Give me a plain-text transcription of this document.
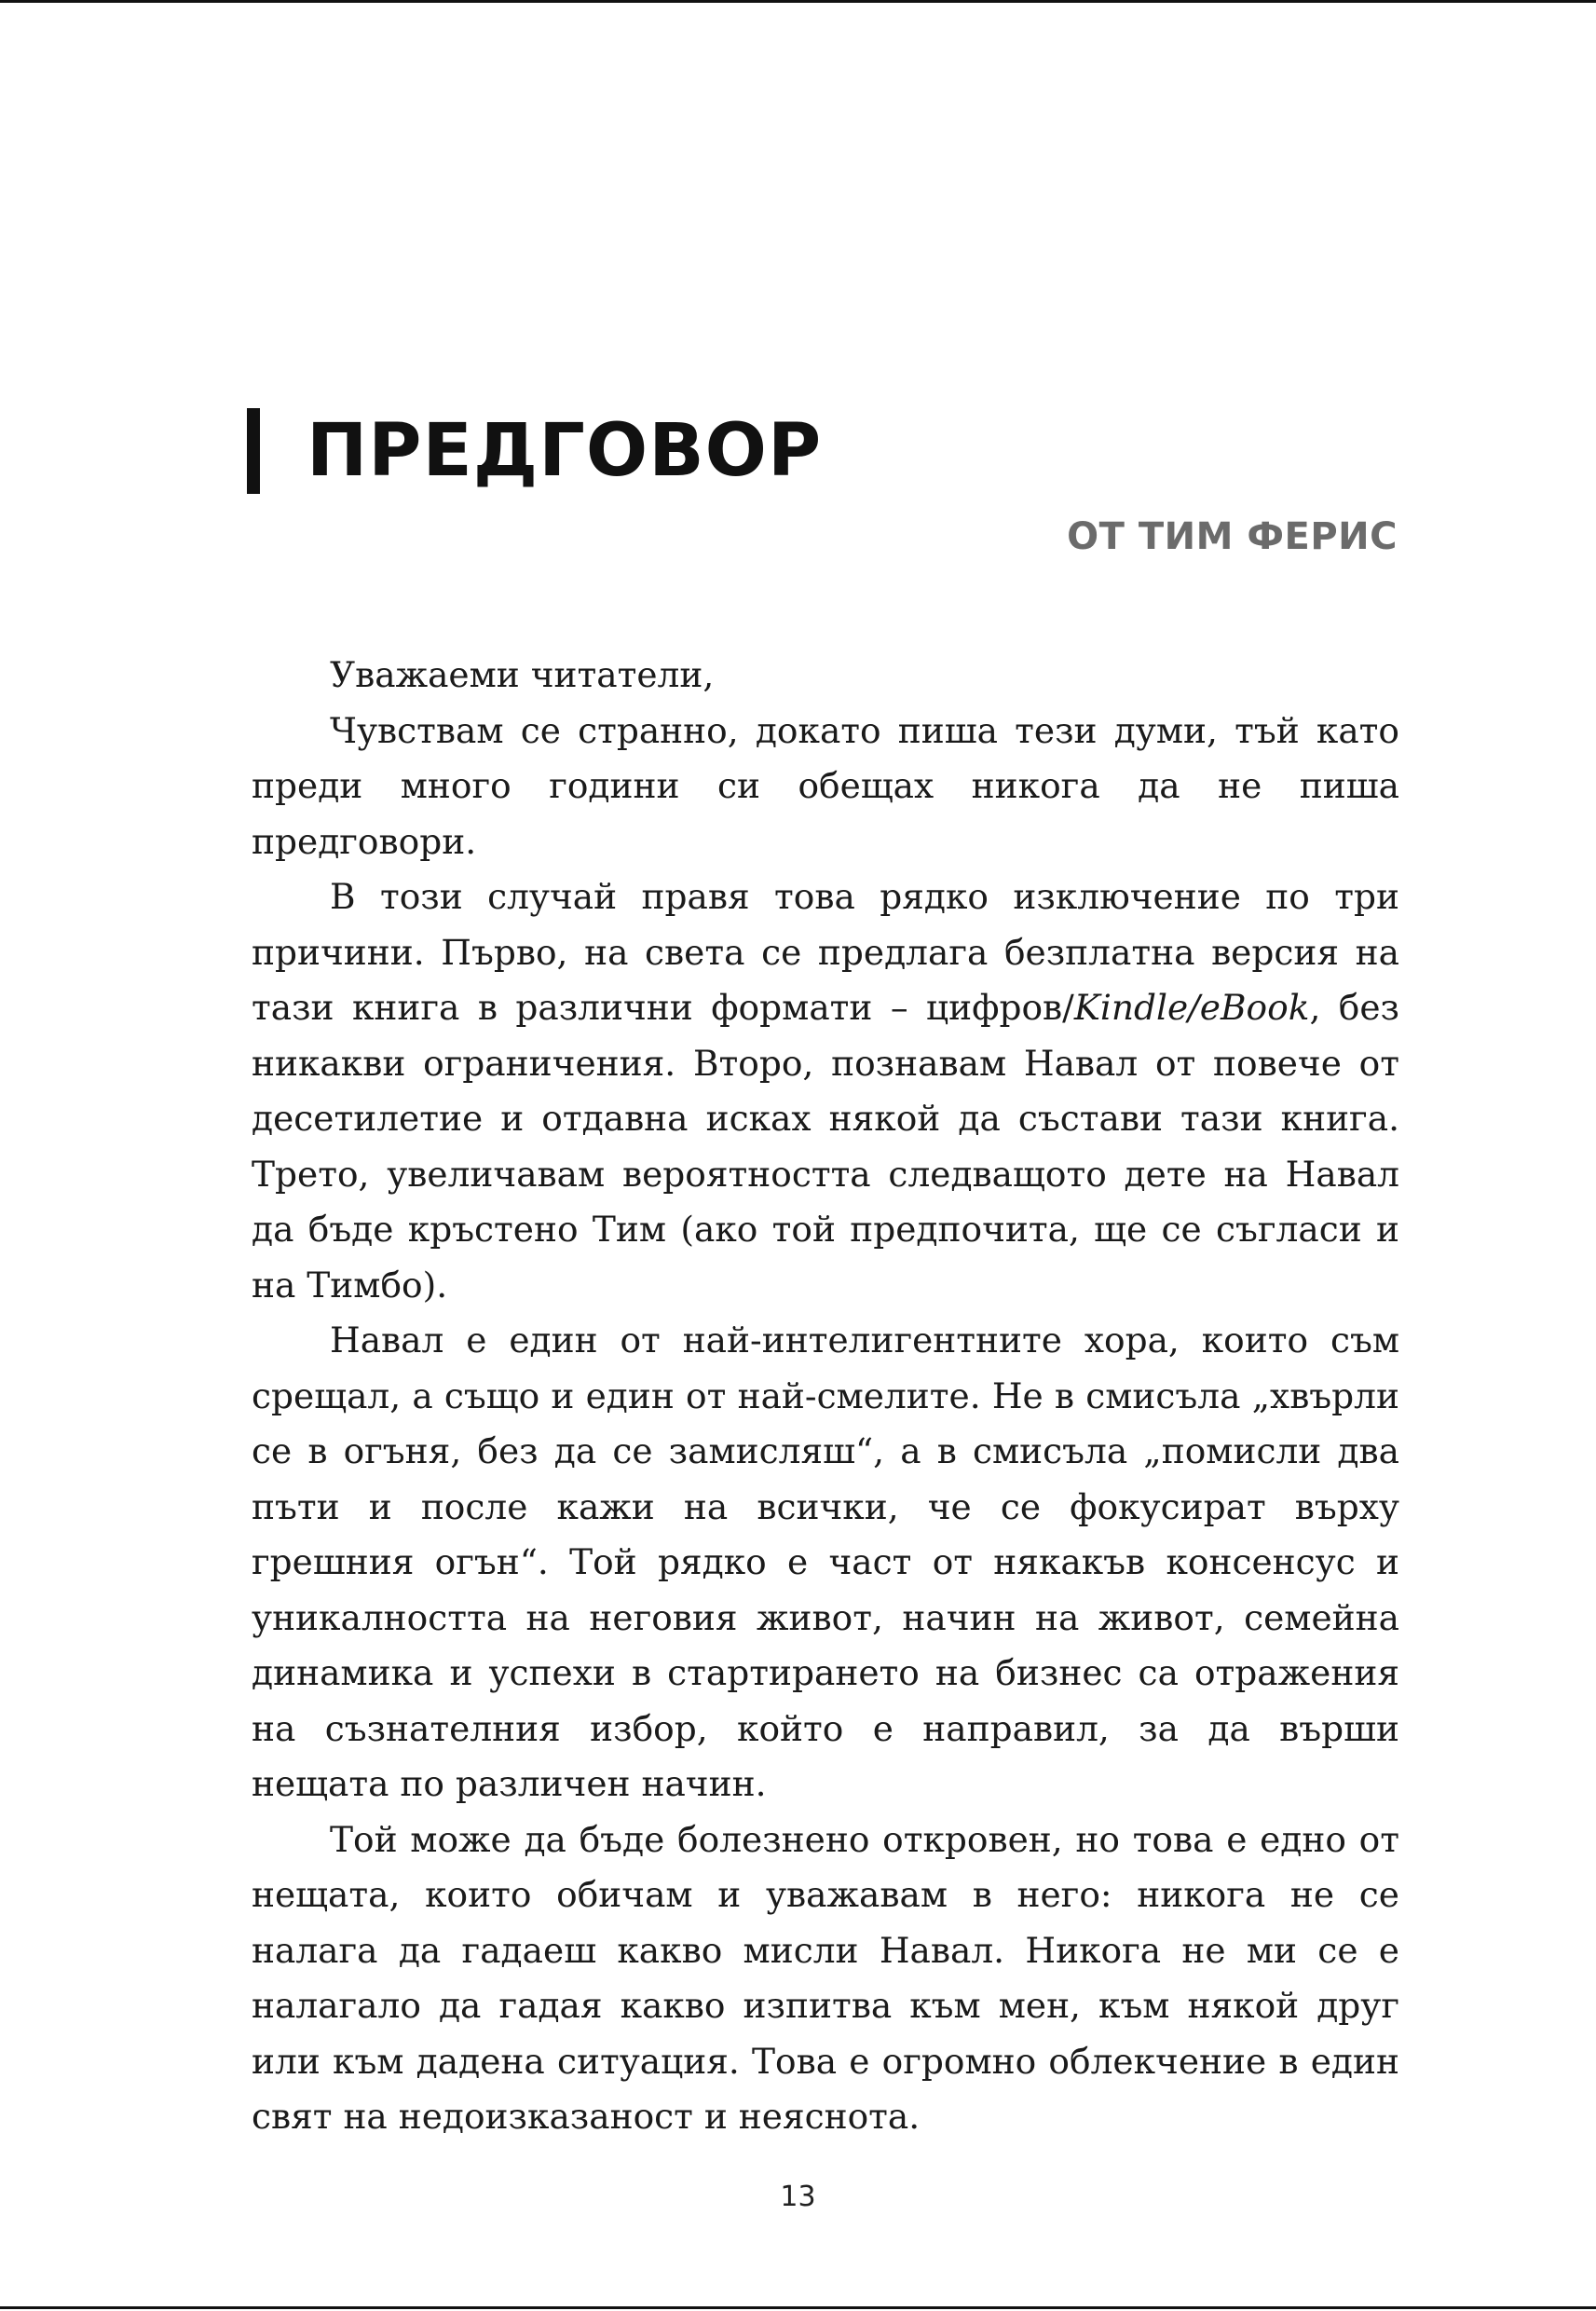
ПРЕДГОВОР
ОТ ТИМ ФЕРИС

Уважаеми читатели,

Чувствам се странно, докато пиша тези думи, тъй като преди много години си обещах никога да не пиша предговори.

В този случай правя това рядко изключение по три причини. Първо, на света се предлага безплатна версия на тази книга в различни формати – цифров/Kindle/eBook, без никакви ограничения. Второ, познавам Навал от повече от десетилетие и отдавна исках някой да състави тази книга. Трето, увеличавам вероятността следващото дете на Навал да бъде кръстено Тим (ако той предпочита, ще се съгласи и на Тимбо).

Навал е един от най-интелигентните хора, които съм срещал, а също и един от най-смелите. Не в смисъла „хвърли се в огъня, без да се замисляш“, а в смисъла „помисли два пъти и после кажи на всички, че се фокусират върху грешния огън“. Той рядко е част от някакъв консенсус и уникалността на неговия живот, начин на живот, семейна динамика и успехи в стартирането на бизнес са отражения на съзнателния избор, който е направил, за да върши нещата по различен начин.

Той може да бъде болезнено откровен, но това е едно от нещата, които обичам и уважавам в него: никога не се налага да гадаеш какво мисли Навал. Никога не ми се е налагало да гадая какво изпитва към мен, към някой друг или към дадена ситуация. Това е огромно облекчение в един свят на недоизказаност и неяснота.

13
